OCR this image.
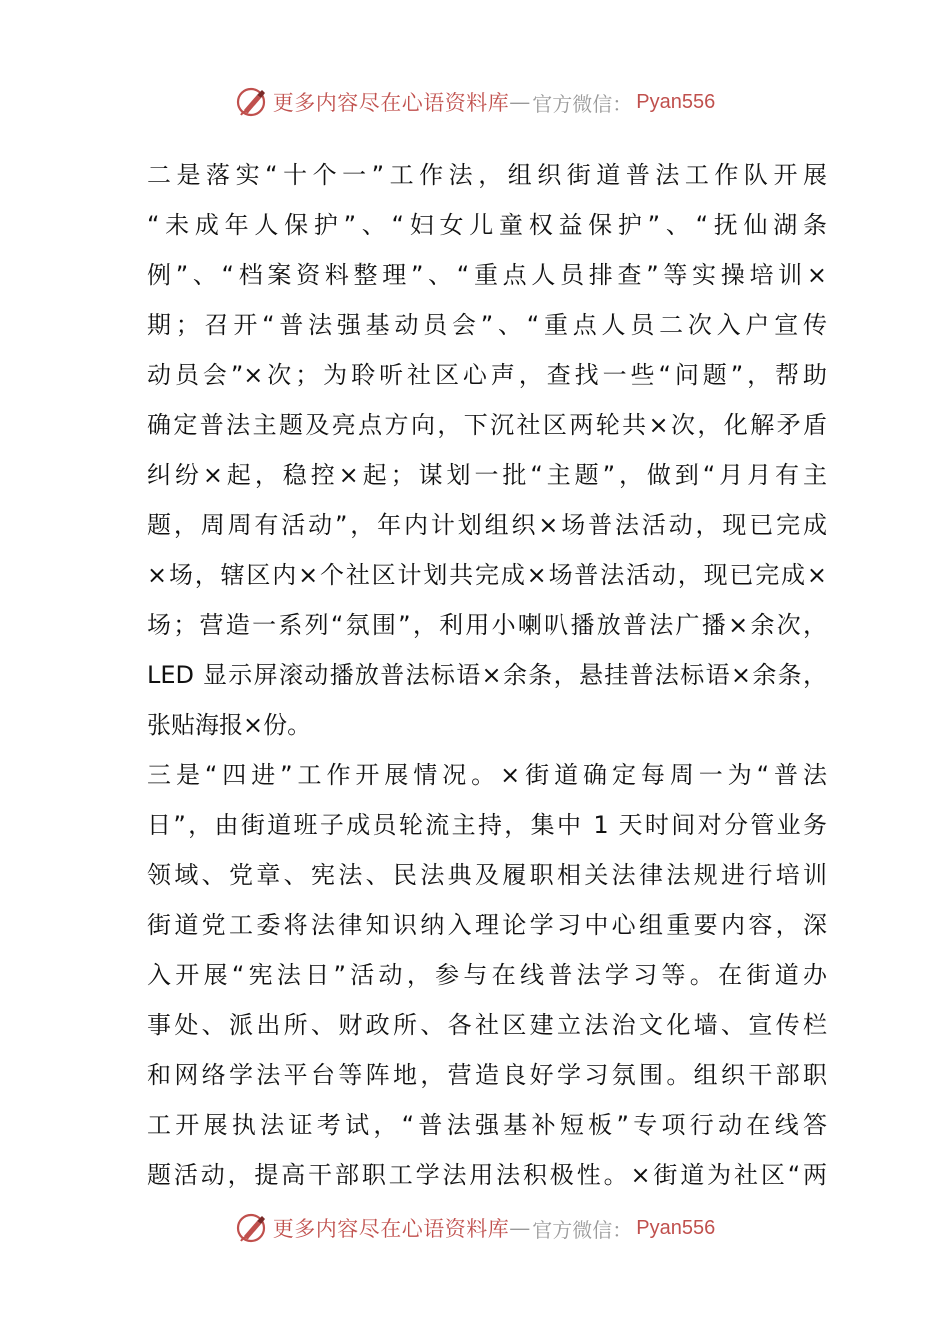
更多内容尽在心语资料库 — 官方微信： Pyan556
二是落实“十个一”工作法，组织街道普法工作队开展
“未成年人保护”、“妇女儿童权益保护”、“抚仙湖条
例”、“档案资料整理”、“重点人员排查”等实操培训×
期；召开“普法强基动员会”、“重点人员二次入户宣传
动员会”×次；为聆听社区心声，查找一些“问题”，帮助
确定普法主题及亮点方向，下沉社区两轮共×次，化解矛盾
纠纷×起，稳控×起；谋划一批“主题”，做到“月月有主
题，周周有活动”，年内计划组织×场普法活动，现已完成
×场，辖区内×个社区计划共完成×场普法活动，现已完成×
场；营造一系列“氛围”，利用小喇叭播放普法广播×余次，
LED 显示屏滚动播放普法标语×余条，悬挂普法标语×余条，
张贴海报×份。
三是“四进”工作开展情况。×街道确定每周一为“普法
日”，由街道班子成员轮流主持，集中 1 天时间对分管业务
领域、党章、宪法、民法典及履职相关法律法规进行培训
街道党工委将法律知识纳入理论学习中心组重要内容，深
入开展“宪法日”活动，参与在线普法学习等。在街道办
事处、派出所、财政所、各社区建立法治文化墙、宣传栏
和网络学法平台等阵地，营造良好学习氛围。组织干部职
工开展执法证考试，“普法强基补短板”专项行动在线答
题活动，提高干部职工学法用法积极性。×街道为社区“两
更多内容尽在心语资料库 — 官方微信： Pyan556
